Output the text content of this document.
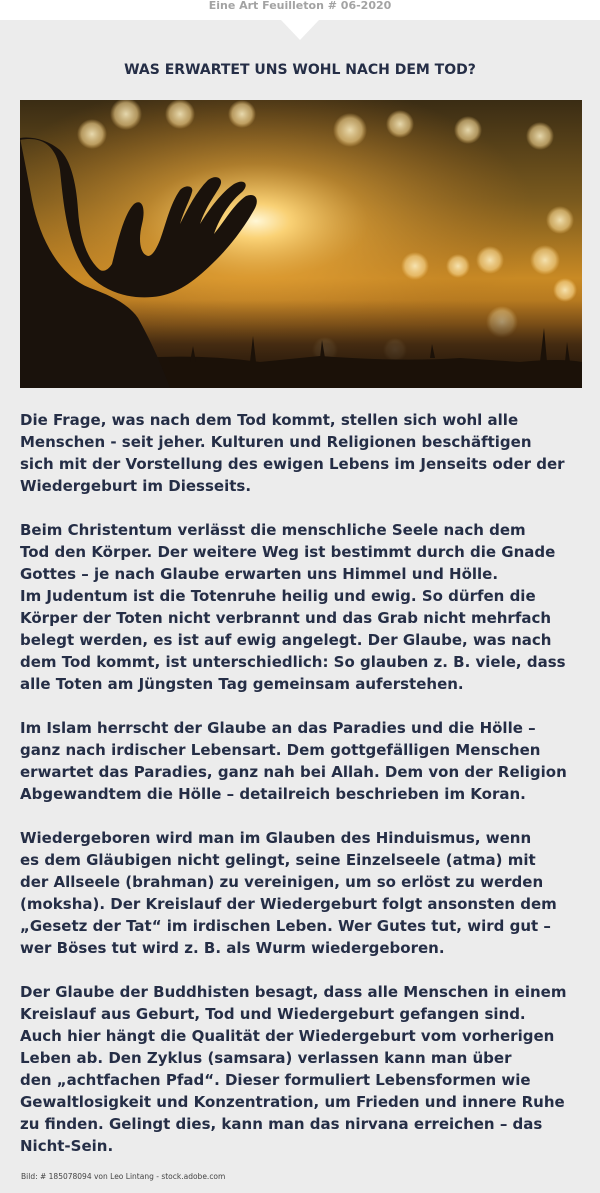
Eine Art Feuilleton # 06-2020
WAS ERWARTET UNS WOHL NACH DEM TOD?
Die Frage, was nach dem Tod kommt, stellen sich wohl alle
Menschen - seit jeher. Kulturen und Religionen beschäftigen
sich mit der Vorstellung des ewigen Lebens im Jenseits oder der
Wiedergeburt im Diesseits.
Beim Christentum verlässt die menschliche Seele nach dem
Tod den Körper. Der weitere Weg ist bestimmt durch die Gnade
Gottes – je nach Glaube erwarten uns Himmel und Hölle.
Im Judentum ist die Totenruhe heilig und ewig. So dürfen die
Körper der Toten nicht verbrannt und das Grab nicht mehrfach
belegt werden, es ist auf ewig angelegt. Der Glaube, was nach
dem Tod kommt, ist unterschiedlich: So glauben z. B. viele, dass
alle Toten am Jüngsten Tag gemeinsam auferstehen.
Im Islam herrscht der Glaube an das Paradies und die Hölle –
ganz nach irdischer Lebensart. Dem gottgefälligen Menschen
erwartet das Paradies, ganz nah bei Allah. Dem von der Religion
Abgewandtem die Hölle – detailreich beschrieben im Koran.
Wiedergeboren wird man im Glauben des Hinduismus, wenn
es dem Gläubigen nicht gelingt, seine Einzelseele (atma) mit
der Allseele (brahman) zu vereinigen, um so erlöst zu werden
(moksha). Der Kreislauf der Wiedergeburt folgt ansonsten dem
„Gesetz der Tat“ im irdischen Leben. Wer Gutes tut, wird gut –
wer Böses tut wird z. B. als Wurm wiedergeboren.
Der Glaube der Buddhisten besagt, dass alle Menschen in einem
Kreislauf aus Geburt, Tod und Wiedergeburt gefangen sind.
Auch hier hängt die Qualität der Wiedergeburt vom vorherigen
Leben ab. Den Zyklus (samsara) verlassen kann man über
den „achtfachen Pfad“. Dieser formuliert Lebensformen wie
Gewaltlosigkeit und Konzentration, um Frieden und innere Ruhe
zu finden. Gelingt dies, kann man das nirvana erreichen – das
Nicht-Sein.
Bild: # 185078094 von Leo Lintang - stock.adobe.com
